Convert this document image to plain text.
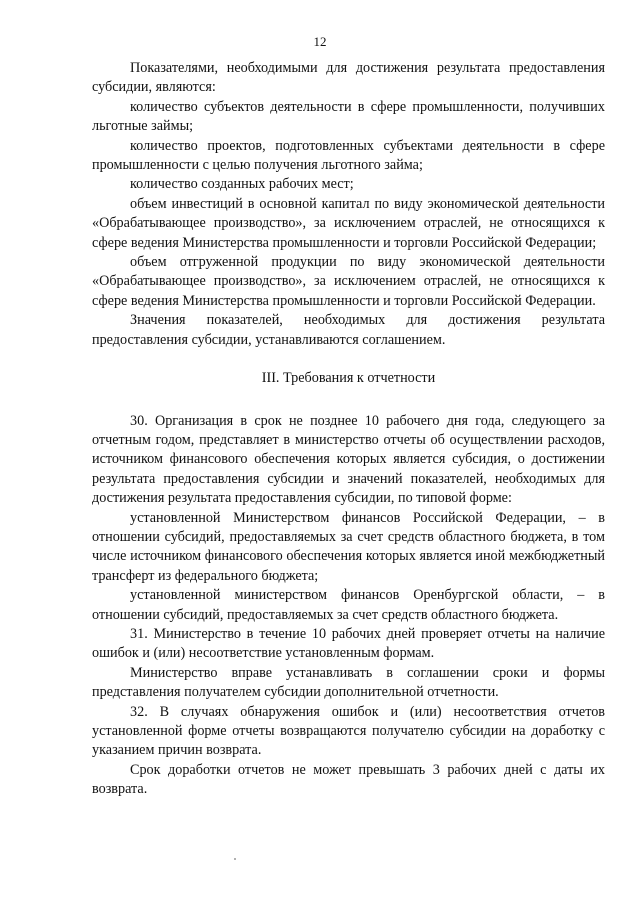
12

Показателями, необходимыми для достижения результата предоставления субсидии, являются:

количество субъектов деятельности в сфере промышленности, получивших льготные займы;

количество проектов, подготовленных субъектами деятельности в сфере промышленности с целью получения льготного займа;

количество созданных рабочих мест;

объем инвестиций в основной капитал по виду экономической деятельности «Обрабатывающее производство», за исключением отраслей, не относящихся к сфере ведения Министерства промышленности и торговли Российской Федерации;

объем отгруженной продукции по виду экономической деятельности «Обрабатывающее производство», за исключением отраслей, не относящихся к сфере ведения Министерства промышленности и торговли Российской Федерации.

Значения показателей, необходимых для достижения результата предоставления субсидии, устанавливаются соглашением.

III. Требования к отчетности

30. Организация в срок не позднее 10 рабочего дня года, следующего за отчетным годом, представляет в министерство отчеты об осуществлении расходов, источником финансового обеспечения которых является субсидия, о достижении результата предоставления субсидии и значений показателей, необходимых для достижения результата предоставления субсидии, по типовой форме:

установленной Министерством финансов Российской Федерации, – в отношении субсидий, предоставляемых за счет средств областного бюджета, в том числе источником финансового обеспечения которых является иной межбюджетный трансферт из федерального бюджета;

установленной министерством финансов Оренбургской области, – в отношении субсидий, предоставляемых за счет средств областного бюджета.

31. Министерство в течение 10 рабочих дней проверяет отчеты на наличие ошибок и (или) несоответствие установленным формам.

Министерство вправе устанавливать в соглашении сроки и формы представления получателем субсидии дополнительной отчетности.

32. В случаях обнаружения ошибок и (или) несоответствия отчетов установленной форме отчеты возвращаются получателю субсидии на доработку с указанием причин возврата.

Срок доработки отчетов не может превышать 3 рабочих дней с даты их возврата.
